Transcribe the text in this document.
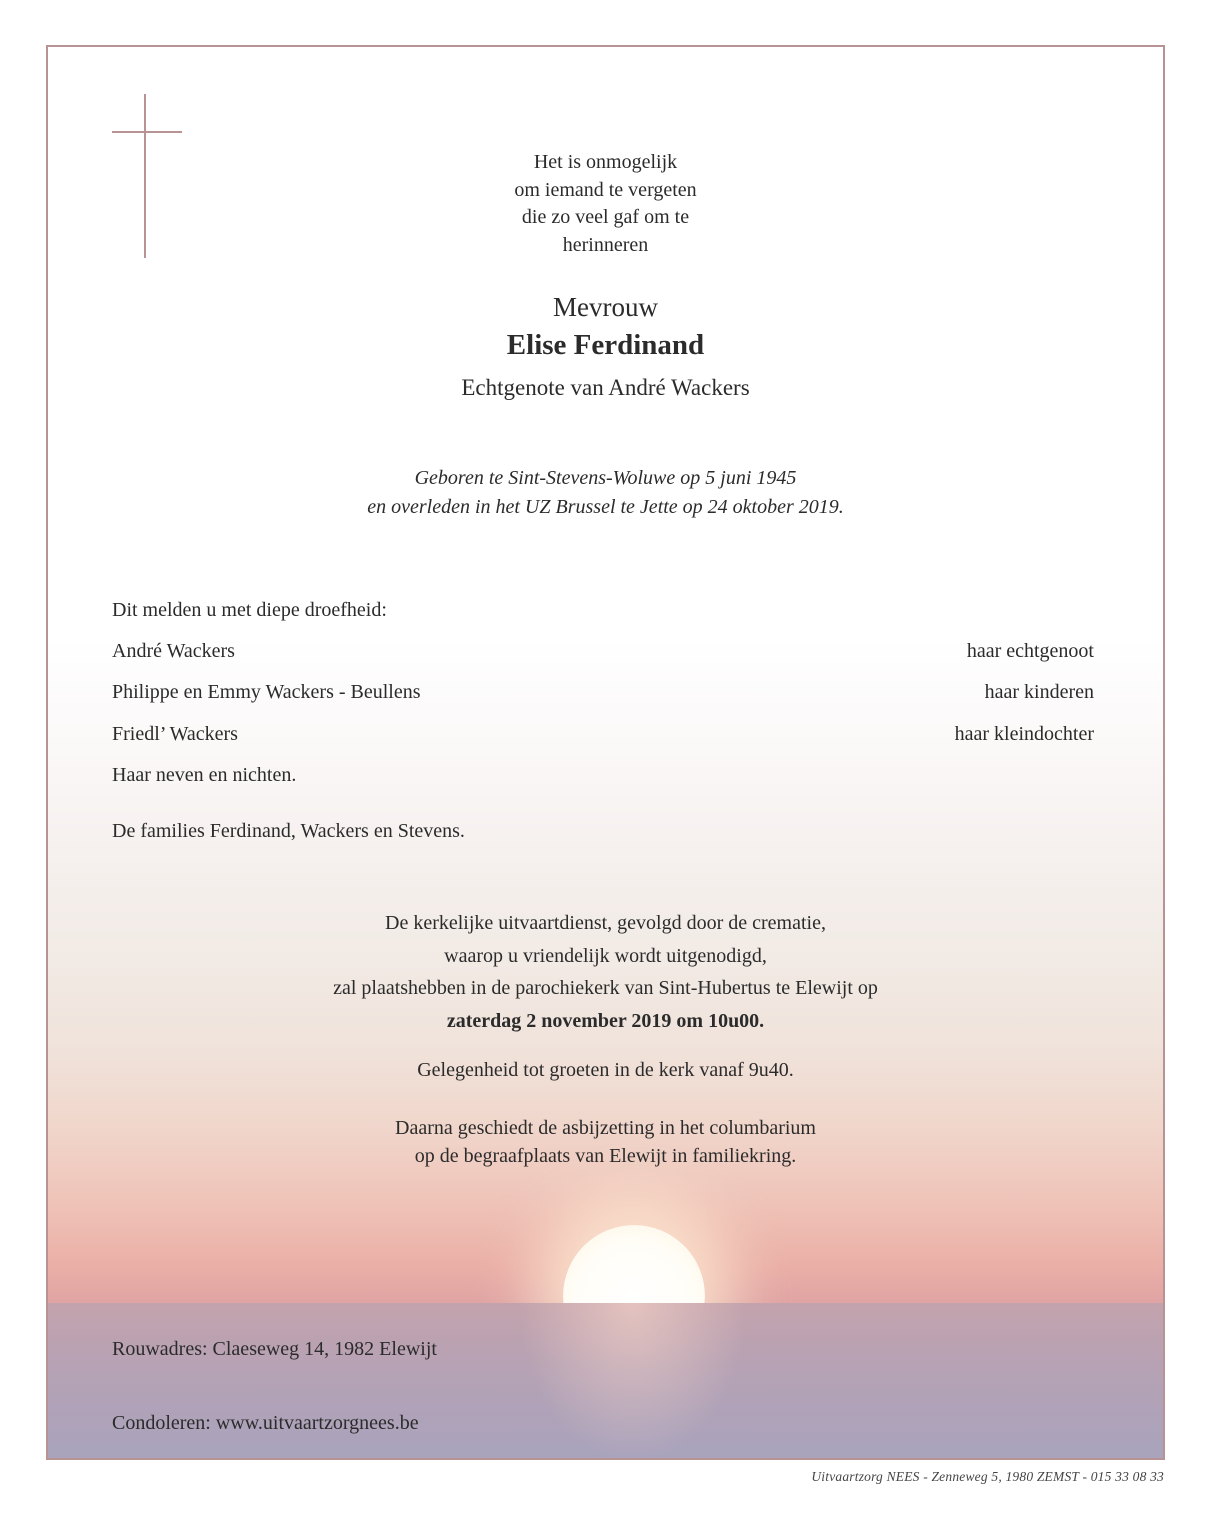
Het is onmogelijk
om iemand te vergeten
die zo veel gaf om te
herinneren
Mevrouw
Elise Ferdinand
Echtgenote van André Wackers
Geboren te Sint-Stevens-Woluwe op 5 juni 1945
en overleden in het UZ Brussel te Jette op 24 oktober 2019.
Dit melden u met diepe droefheid:
André Wackers	haar echtgenoot
Philippe en Emmy Wackers - Beullens	haar kinderen
Friedl’ Wackers	haar kleindochter
Haar neven en nichten.
De families Ferdinand, Wackers en Stevens.
De kerkelijke uitvaartdienst, gevolgd door de crematie,
waarop u vriendelijk wordt uitgenodigd,
zal plaatshebben in de parochiekerk van Sint-Hubertus te Elewijt op
zaterdag 2 november 2019 om 10u00.
Gelegenheid tot groeten in de kerk vanaf 9u40.
Daarna geschiedt de asbijzetting in het columbarium
op de begraafplaats van Elewijt in familiekring.
Rouwadres: Claeseweg 14, 1982 Elewijt
Condoleren: www.uitvaartzorgnees.be
Uitvaartzorg NEES - Zenneweg 5, 1980 ZEMST - 015 33 08 33
